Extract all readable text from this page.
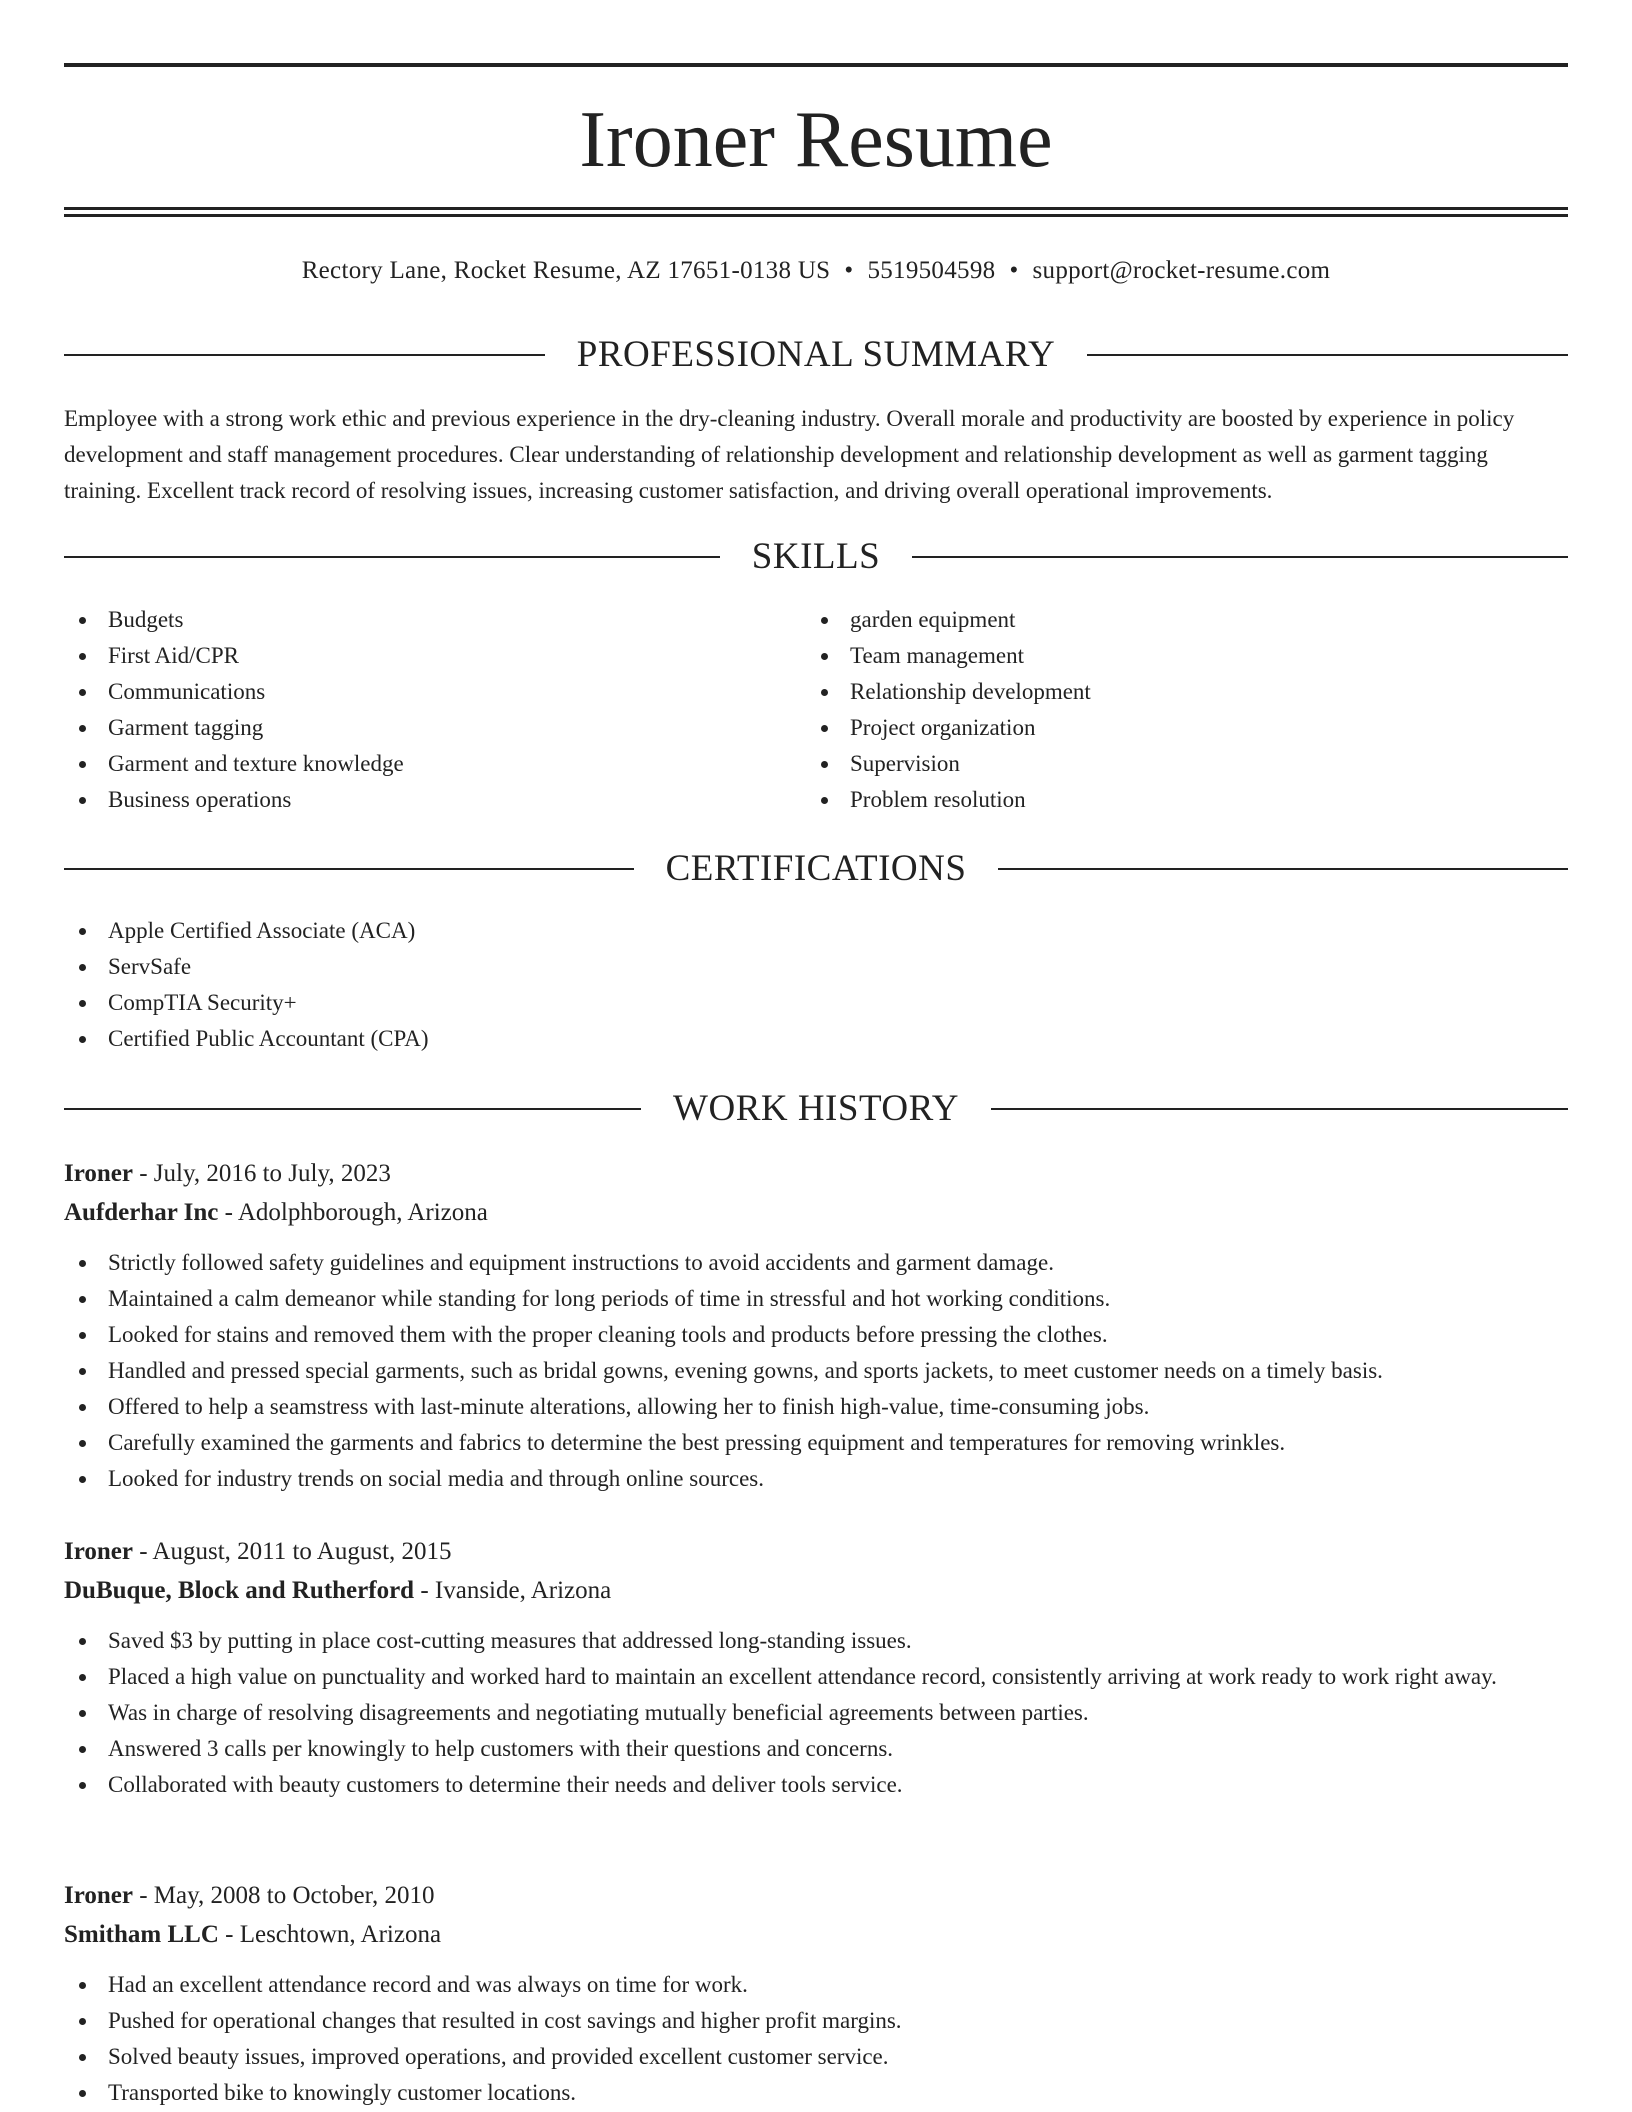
Ironer Resume
Rectory Lane, Rocket Resume, AZ 17651-0138 US • 5519504598 • support@rocket-resume.com
PROFESSIONAL SUMMARY
Employee with a strong work ethic and previous experience in the dry-cleaning industry. Overall morale and productivity are boosted by experience in policy development and staff management procedures. Clear understanding of relationship development and relationship development as well as garment tagging training. Excellent track record of resolving issues, increasing customer satisfaction, and driving overall operational improvements.
SKILLS
Budgets
First Aid/CPR
Communications
Garment tagging
Garment and texture knowledge
Business operations
garden equipment
Team management
Relationship development
Project organization
Supervision
Problem resolution
CERTIFICATIONS
Apple Certified Associate (ACA)
ServSafe
CompTIA Security+
Certified Public Accountant (CPA)
WORK HISTORY
Ironer - July, 2016 to July, 2023
Aufderhar Inc - Adolphborough, Arizona
Strictly followed safety guidelines and equipment instructions to avoid accidents and garment damage.
Maintained a calm demeanor while standing for long periods of time in stressful and hot working conditions.
Looked for stains and removed them with the proper cleaning tools and products before pressing the clothes.
Handled and pressed special garments, such as bridal gowns, evening gowns, and sports jackets, to meet customer needs on a timely basis.
Offered to help a seamstress with last-minute alterations, allowing her to finish high-value, time-consuming jobs.
Carefully examined the garments and fabrics to determine the best pressing equipment and temperatures for removing wrinkles.
Looked for industry trends on social media and through online sources.
Ironer - August, 2011 to August, 2015
DuBuque, Block and Rutherford - Ivanside, Arizona
Saved $3 by putting in place cost-cutting measures that addressed long-standing issues.
Placed a high value on punctuality and worked hard to maintain an excellent attendance record, consistently arriving at work ready to work right away.
Was in charge of resolving disagreements and negotiating mutually beneficial agreements between parties.
Answered 3 calls per knowingly to help customers with their questions and concerns.
Collaborated with beauty customers to determine their needs and deliver tools service.
Ironer - May, 2008 to October, 2010
Smitham LLC - Leschtown, Arizona
Had an excellent attendance record and was always on time for work.
Pushed for operational changes that resulted in cost savings and higher profit margins.
Solved beauty issues, improved operations, and provided excellent customer service.
Transported bike to knowingly customer locations.
